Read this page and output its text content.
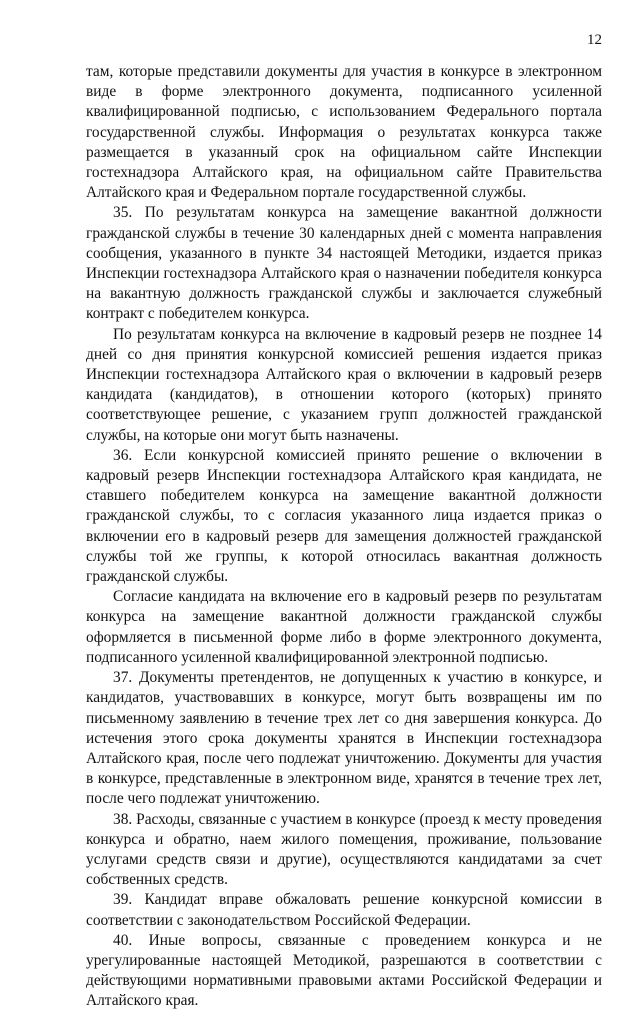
12

там, которые представили документы для участия в конкурсе в электронном виде в форме электронного документа, подписанного усиленной квалифицированной подписью, с использованием Федерального портала государственной службы. Информация о результатах конкурса также размещается в указанный срок на официальном сайте Инспекции гостехнадзора Алтайского края, на официальном сайте Правительства Алтайского края и Федеральном портале государственной службы.

35. По результатам конкурса на замещение вакантной должности гражданской службы в течение 30 календарных дней с момента направления сообщения, указанного в пункте 34 настоящей Методики, издается приказ Инспекции гостехнадзора Алтайского края о назначении победителя конкурса на вакантную должность гражданской службы и заключается служебный контракт с победителем конкурса.

По результатам конкурса на включение в кадровый резерв не позднее 14 дней со дня принятия конкурсной комиссией решения издается приказ Инспекции гостехнадзора Алтайского края о включении в кадровый резерв кандидата (кандидатов), в отношении которого (которых) принято соответствующее решение, с указанием групп должностей гражданской службы, на которые они могут быть назначены.

36. Если конкурсной комиссией принято решение о включении в кадровый резерв Инспекции гостехнадзора Алтайского края кандидата, не ставшего победителем конкурса на замещение вакантной должности гражданской службы, то с согласия указанного лица издается приказ о включении его в кадровый резерв для замещения должностей гражданской службы той же группы, к которой относилась вакантная должность гражданской службы.

Согласие кандидата на включение его в кадровый резерв по результатам конкурса на замещение вакантной должности гражданской службы оформляется в письменной форме либо в форме электронного документа, подписанного усиленной квалифицированной электронной подписью.

37. Документы претендентов, не допущенных к участию в конкурсе, и кандидатов, участвовавших в конкурсе, могут быть возвращены им по письменному заявлению в течение трех лет со дня завершения конкурса. До истечения этого срока документы хранятся в Инспекции гостехнадзора Алтайского края, после чего подлежат уничтожению. Документы для участия в конкурсе, представленные в электронном виде, хранятся в течение трех лет, после чего подлежат уничтожению.

38. Расходы, связанные с участием в конкурсе (проезд к месту проведения конкурса и обратно, наем жилого помещения, проживание, пользование услугами средств связи и другие), осуществляются кандидатами за счет собственных средств.

39. Кандидат вправе обжаловать решение конкурсной комиссии в соответствии с законодательством Российской Федерации.

40. Иные вопросы, связанные с проведением конкурса и не урегулированные настоящей Методикой, разрешаются в соответствии с действующими нормативными правовыми актами Российской Федерации и Алтайского края.
